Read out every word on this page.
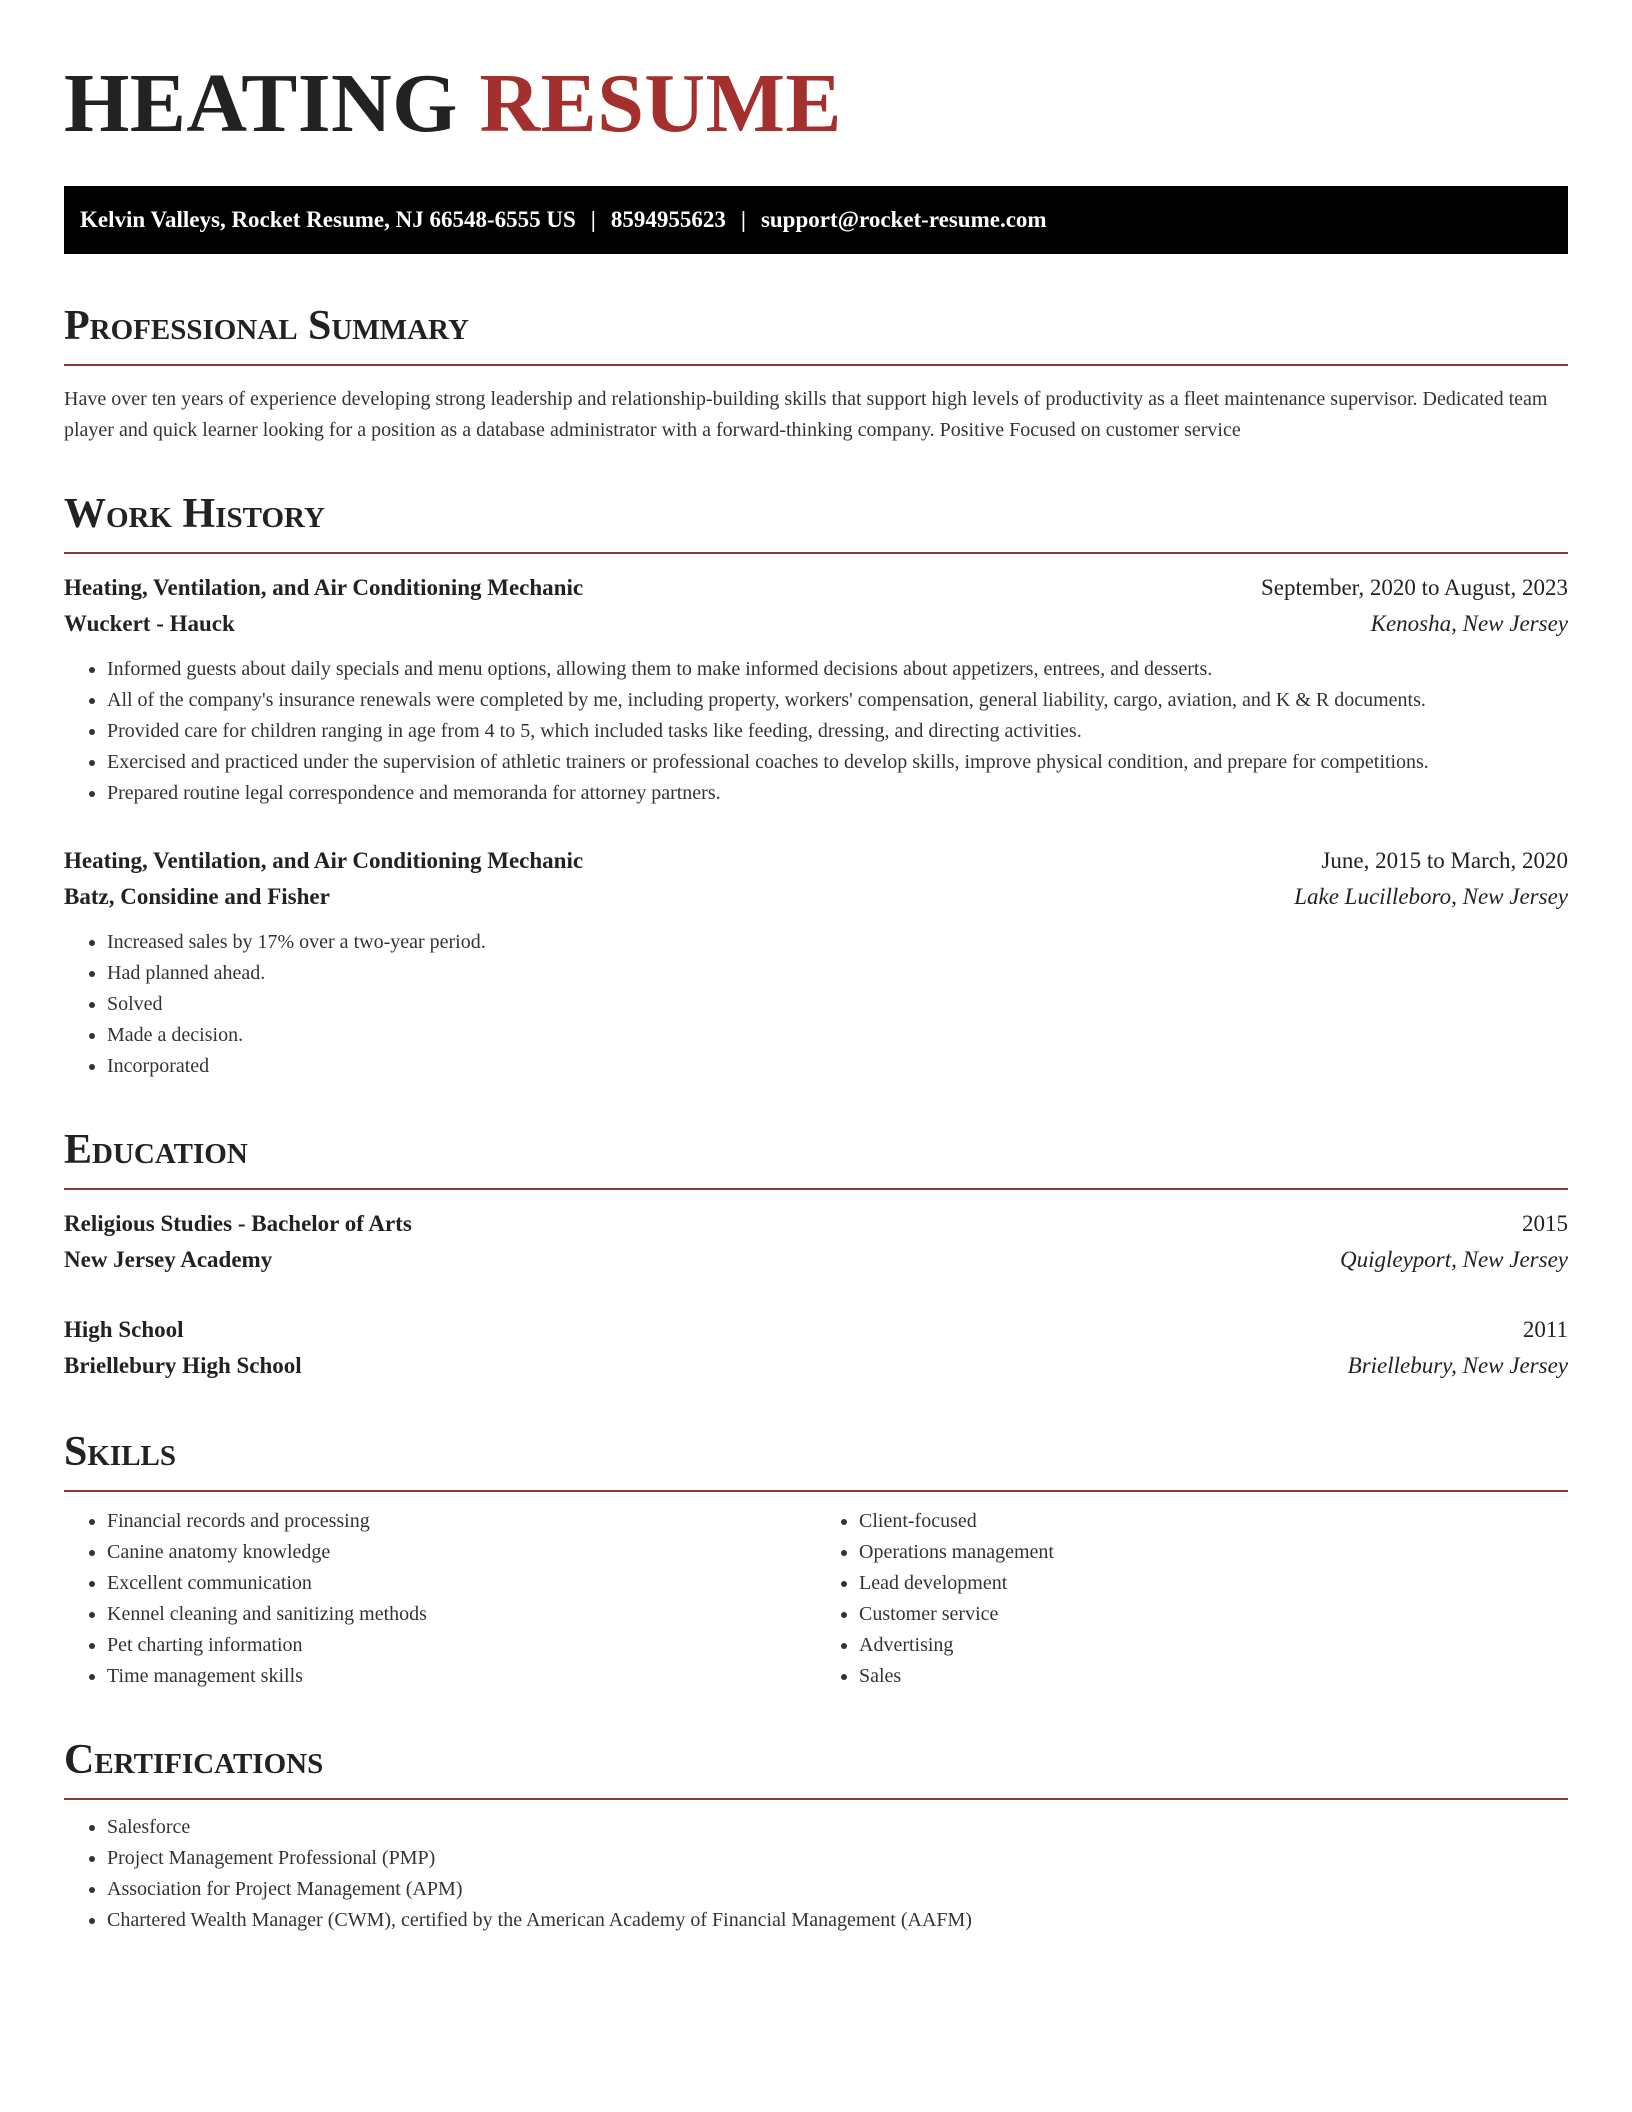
HEATING RESUME
Kelvin Valleys, Rocket Resume, NJ 66548-6555 US | 8594955623 | support@rocket-resume.com
Professional Summary

Have over ten years of experience developing strong leadership and relationship-building skills that support high levels of productivity as a fleet maintenance supervisor. Dedicated team player and quick learner looking for a position as a database administrator with a forward-thinking company. Positive Focused on customer service

Work History
Heating, Ventilation, and Air Conditioning Mechanic	September, 2020 to August, 2023
Wuckert - Hauck	Kenosha, New Jersey
• Informed guests about daily specials and menu options, allowing them to make informed decisions about appetizers, entrees, and desserts.
• All of the company's insurance renewals were completed by me, including property, workers' compensation, general liability, cargo, aviation, and K & R documents.
• Provided care for children ranging in age from 4 to 5, which included tasks like feeding, dressing, and directing activities.
• Exercised and practiced under the supervision of athletic trainers or professional coaches to develop skills, improve physical condition, and prepare for competitions.
• Prepared routine legal correspondence and memoranda for attorney partners.
Heating, Ventilation, and Air Conditioning Mechanic	June, 2015 to March, 2020
Batz, Considine and Fisher	Lake Lucilleboro, New Jersey
• Increased sales by 17% over a two-year period.
• Had planned ahead.
• Solved
• Made a decision.
• Incorporated
Education
Religious Studies - Bachelor of Arts	2015
New Jersey Academy	Quigleyport, New Jersey
High School	2011
Briellebury High School	Briellebury, New Jersey
Skills
• Financial records and processing
• Canine anatomy knowledge
• Excellent communication
• Kennel cleaning and sanitizing methods
• Pet charting information
• Time management skills
• Client-focused
• Operations management
• Lead development
• Customer service
• Advertising
• Sales
Certifications
• Salesforce
• Project Management Professional (PMP)
• Association for Project Management (APM)
• Chartered Wealth Manager (CWM), certified by the American Academy of Financial Management (AAFM)
